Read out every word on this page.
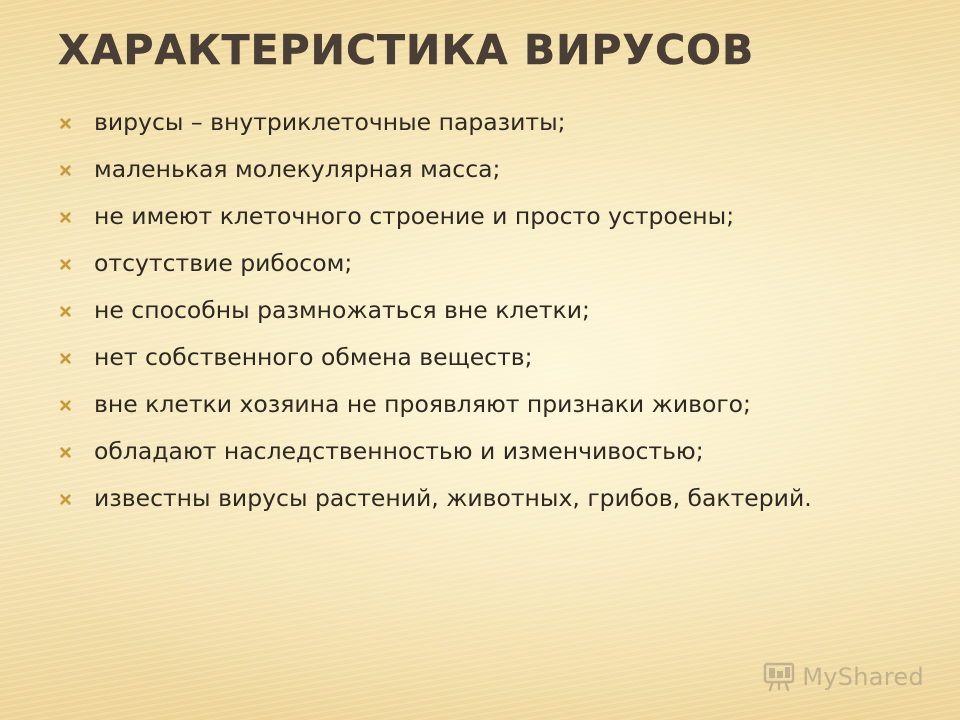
ХАРАКТЕРИСТИКА ВИРУСОВ
вирусы – внутриклеточные паразиты;
маленькая молекулярная масса;
не имеют клеточного строение и просто устроены;
отсутствие рибосом;
не способны размножаться вне клетки;
нет собственного обмена веществ;
вне клетки хозяина не проявляют признаки живого;
обладают наследственностью и изменчивостью;
известны вирусы растений, животных, грибов, бактерий.
MyShared
